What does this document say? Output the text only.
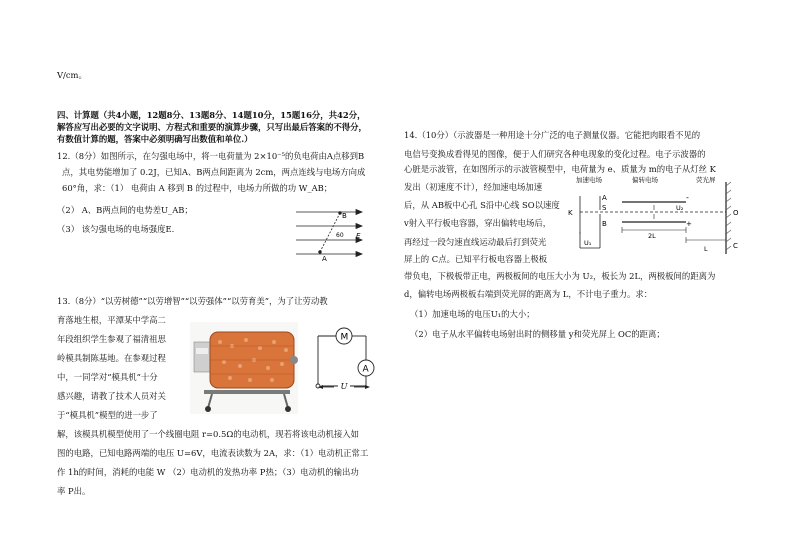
V/cm。
四、计算题（共4小题，12题8分、13题8分、14题10分，15题16分，共42分，
解答应写出必要的文字说明、方程式和重要的演算步骤，只写出最后答案的不得分，
有数值计算的题，答案中必须明确写出数值和单位.）
12.（8分）如图所示，在匀强电场中，将一电荷量为 2×10⁻⁵的负电荷由A点移到B
点，其电势能增加了 0.2J，已知A、B两点间距离为 2cm，两点连线与电场方向成
60°角，求：（1） 电荷由 A 移到 B 的过程中，电场力所做的功 W_AB；
（2） A、B两点间的电势差U_AB；
（3） 该匀强电场的电场强度E.
B
A
60 E
13.（8分）“以劳树德”“以劳增智”“以劳强体”“以劳育美”，为了让劳动教
育落地生根，平潭某中学高二
年段组织学生参观了福清祖思
岭模具制陈基地。在参观过程
中，一同学对“模具机”十分
感兴趣，请教了技术人员对关
于“模具机”模型的进一步了
解，该模具机模型使用了一个线圈电阻 r=0.5Ω的电动机，现若将该电动机接入如
图的电路，已知电路两端的电压 U=6V，电流表读数为 2A，求：（1）电动机正常工
作 1h的时间，消耗的电能 W （2）电动机的发热功率 P热；（3）电动机的输出功
率 P出。
M
A
U
14.（10分）（示波器是一种用途十分广泛的电子测量仪器。它能把肉眼看不见的
电信号变换成看得见的图像，便于人们研究各种电现象的变化过程。电子示波器的
心脏是示波管，在如图所示的示波管模型中，电荷量为 e、质量为 m的电子从灯丝 K
发出（初速度不计），经加速电场加速
后，从 AB板中心孔 S沿中心线 SO以速度
v射入平行板电容器，穿出偏转电场后，
再经过一段匀速直线运动最后打到荧光
屏上的 C点。已知平行板电容器上极板
带负电，下极板带正电，两极板间的电压大小为 U₂，板长为 2L，两极板间的距离为
d，偏转电场两极板右端到荧光屏的距离为 L，不计电子重力。求：
（1）加速电场的电压U₁的大小；
（2）电子从水平偏转电场射出时的侧移量 y和荧光屏上 OC的距离；
加速电场	偏转电场	荧光屏
K
A
S
B
U₁
U₂
O
C
2L
L
-
+
